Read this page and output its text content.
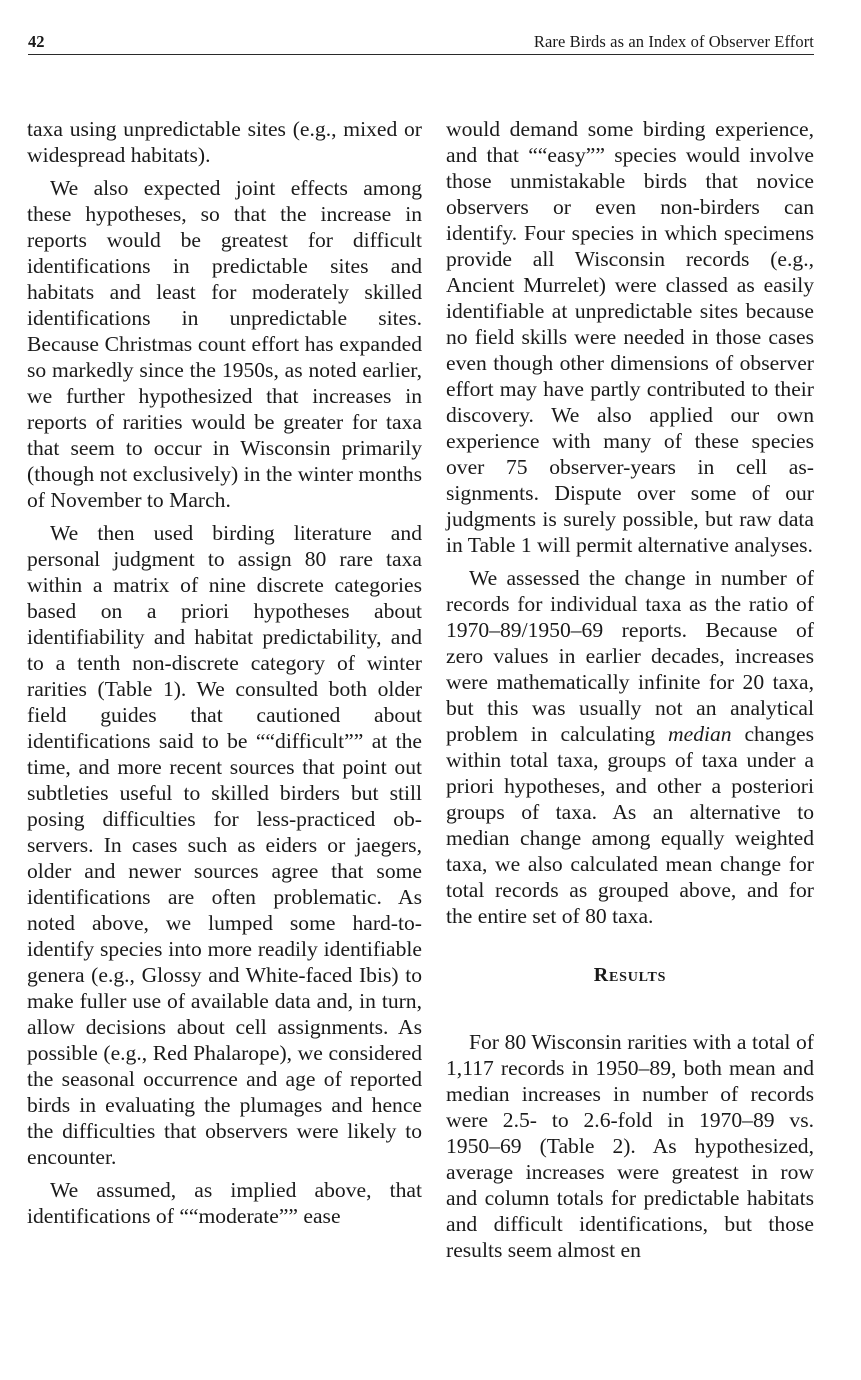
42	Rare Birds as an Index of Observer Effort

taxa using unpredictable sites (e.g., mixed or widespread habitats).

We also expected joint effects among these hypotheses, so that the increase in reports would be greatest for difficult identifications in predictable sites and habitats and least for moderately skilled identifications in unpredictable sites. Because Christmas count effort has expanded so markedly since the 1950s, as noted earlier, we further hypothesized that increases in reports of rarities would be greater for taxa that seem to occur in Wisconsin primarily (though not exclusively) in the winter months of November to March.

We then used birding literature and personal judgment to assign 80 rare taxa within a matrix of nine discrete categories based on a priori hypotheses about identifiability and habitat predictability, and to a tenth non-discrete category of winter rarities (Table 1). We consulted both older field guides that cautioned about identifications said to be ““difficult”” at the time, and more recent sources that point out subtleties useful to skilled birders but still posing difficulties for less-practiced observers. In cases such as eiders or jaegers, older and newer sources agree that some identifications are often problematic. As noted above, we lumped some hard-to-identify species into more readily identifiable genera (e.g., Glossy and White-faced Ibis) to make fuller use of available data and, in turn, allow decisions about cell assignments. As possible (e.g., Red Phalarope), we considered the seasonal occurrence and age of reported birds in evaluating the plumages and hence the difficulties that observers were likely to encounter.

We assumed, as implied above, that identifications of ““moderate”” ease

would demand some birding experience, and that ““easy”” species would involve those unmistakable birds that novice observers or even non-birders can identify. Four species in which specimens provide all Wisconsin records (e.g., Ancient Murrelet) were classed as easily identifiable at unpredictable sites because no field skills were needed in those cases even though other dimensions of observer effort may have partly contributed to their discovery. We also applied our own experience with many of these species over 75 observer-years in cell assignments. Dispute over some of our judgments is surely possible, but raw data in Table 1 will permit alternative analyses.

We assessed the change in number of records for individual taxa as the ratio of 1970–89/1950–69 reports. Because of zero values in earlier decades, increases were mathematically infinite for 20 taxa, but this was usually not an analytical problem in calculating median changes within total taxa, groups of taxa under a priori hypotheses, and other a posteriori groups of taxa. As an alternative to median change among equally weighted taxa, we also calculated mean change for total records as grouped above, and for the entire set of 80 taxa.

Results

For 80 Wisconsin rarities with a total of 1,117 records in 1950–89, both mean and median increases in number of records were 2.5- to 2.6-fold in 1970–89 vs. 1950–69 (Table 2). As hypothesized, average increases were greatest in row and column totals for predictable habitats and difficult identifications, but those results seem almost en
